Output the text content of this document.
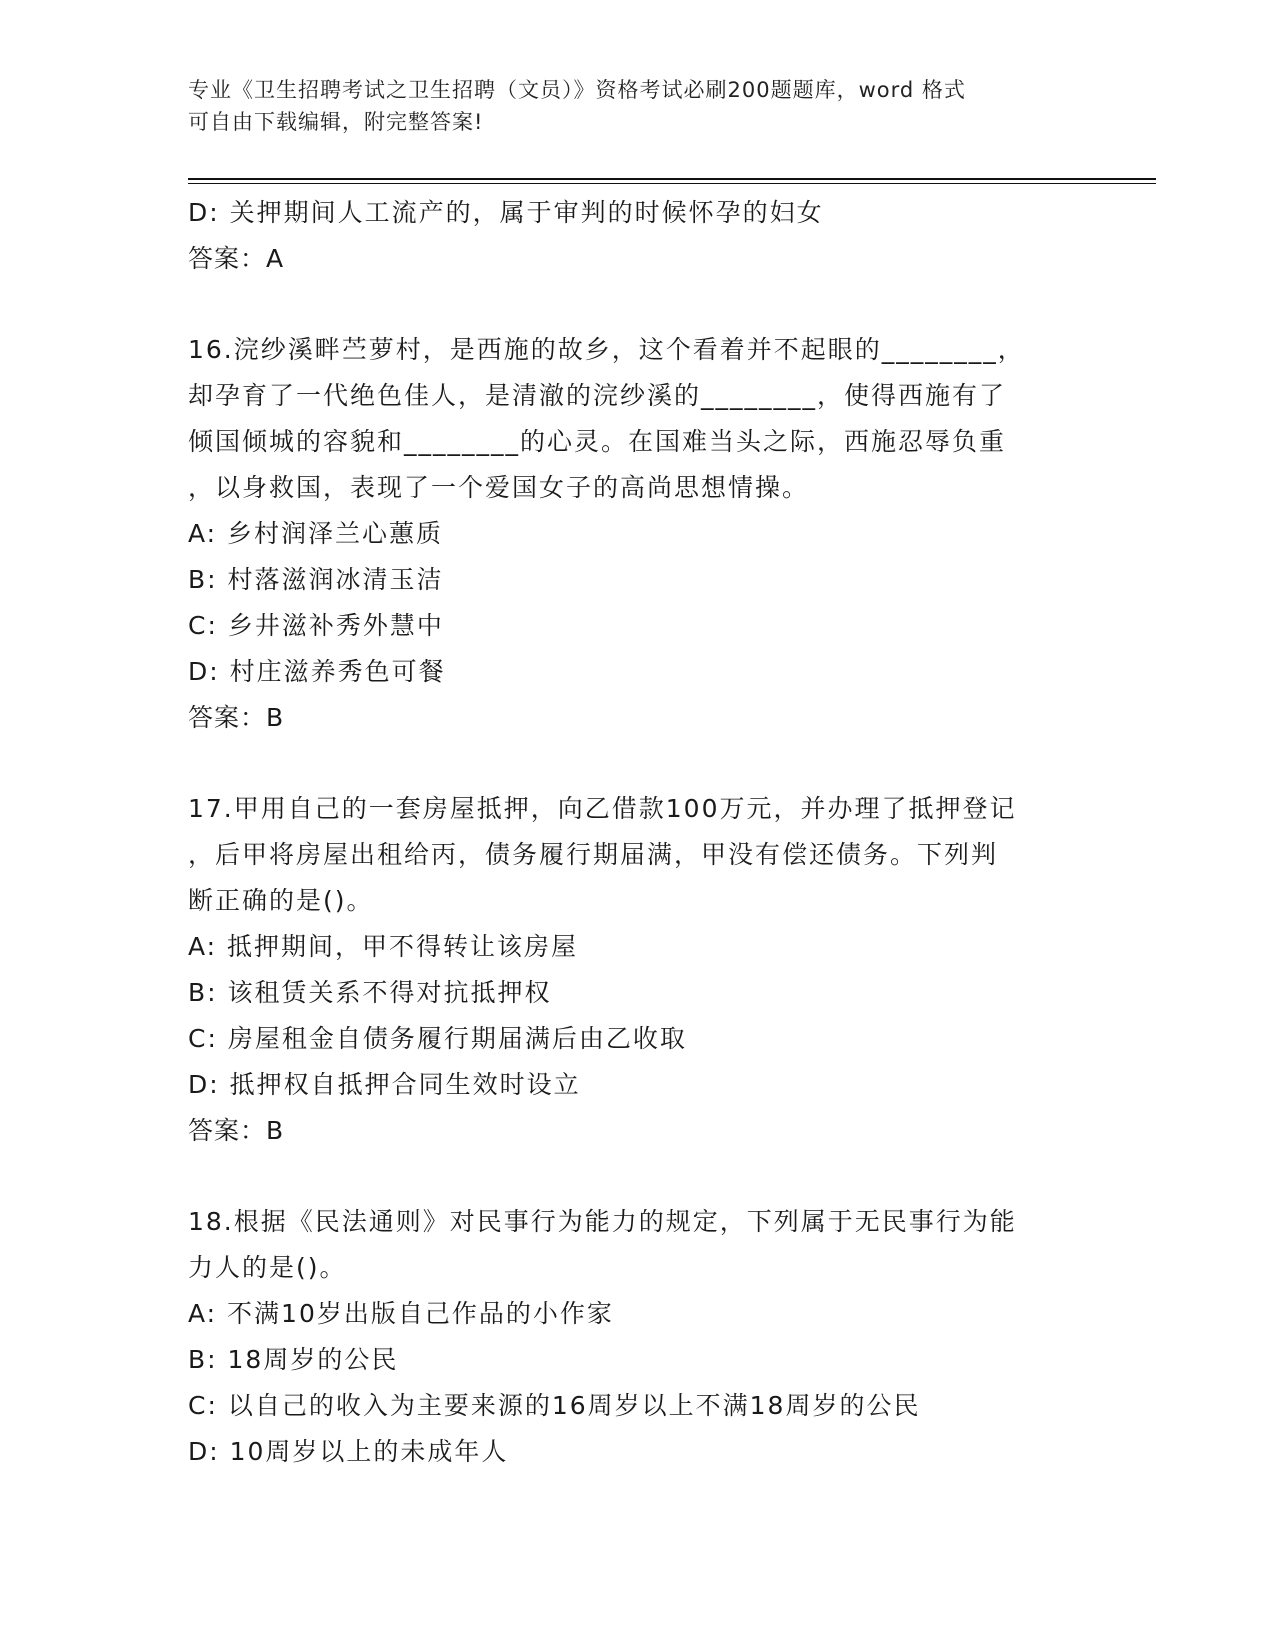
专业《卫生招聘考试之卫生招聘（文员）》资格考试必刷200题题库，word 格式
可自由下载编辑，附完整答案!
D: 关押期间人工流产的，属于审判的时候怀孕的妇女
答案：A
16.浣纱溪畔苎萝村，是西施的故乡，这个看着并不起眼的________，
却孕育了一代绝色佳人，是清澈的浣纱溪的________，使得西施有了
倾国倾城的容貌和________的心灵。在国难当头之际，西施忍辱负重
，以身救国，表现了一个爱国女子的高尚思想情操。
A: 乡村润泽兰心蕙质
B: 村落滋润冰清玉洁
C: 乡井滋补秀外慧中
D: 村庄滋养秀色可餐
答案：B
17.甲用自己的一套房屋抵押，向乙借款100万元，并办理了抵押登记
，后甲将房屋出租给丙，债务履行期届满，甲没有偿还债务。下列判
断正确的是()。
A: 抵押期间，甲不得转让该房屋
B: 该租赁关系不得对抗抵押权
C: 房屋租金自债务履行期届满后由乙收取
D: 抵押权自抵押合同生效时设立
答案：B
18.根据《民法通则》对民事行为能力的规定，下列属于无民事行为能
力人的是()。
A: 不满10岁出版自己作品的小作家
B: 18周岁的公民
C: 以自己的收入为主要来源的16周岁以上不满18周岁的公民
D: 10周岁以上的未成年人
